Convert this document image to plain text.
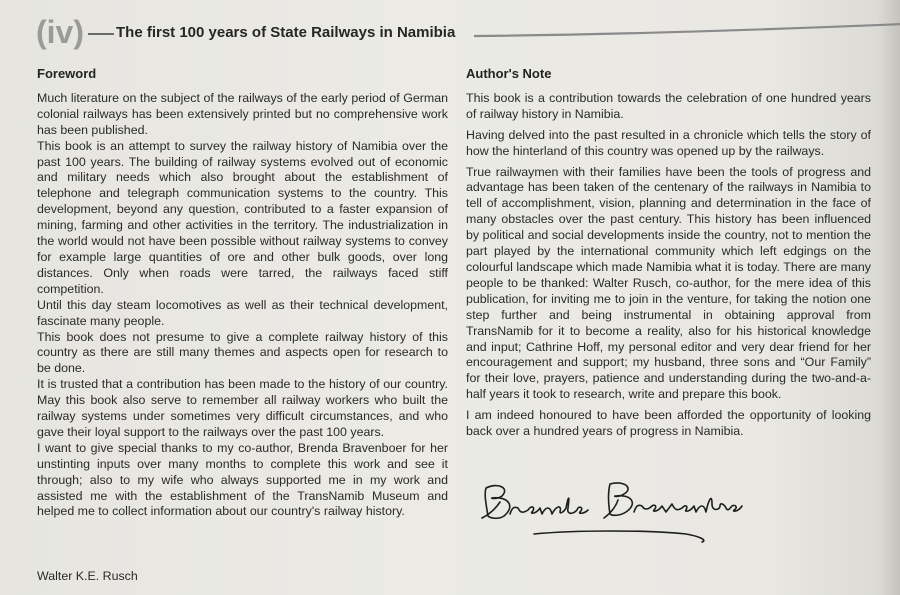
(iv) The first 100 years of State Railways in Namibia
Foreword

Much literature on the subject of the railways of the early period of German colonial railways has been extensively printed but no comprehensive work has been published.

This book is an attempt to survey the railway history of Namibia over the past 100 years. The building of railway systems evolved out of economic and military needs which also brought about the establishment of telephone and telegraph communication systems to the country. This development, beyond any question, contributed to a faster expansion of mining, farming and other activities in the territory. The industrialization in the world would not have been possible without railway systems to convey for example large quantities of ore and other bulk goods, over long distances. Only when roads were tarred, the railways faced stiff competition.

Until this day steam locomotives as well as their technical development, fascinate many people.

This book does not presume to give a complete railway history of this country as there are still many themes and aspects open for research to be done.

It is trusted that a contribution has been made to the history of our country. May this book also serve to remember all railway workers who built the railway systems under sometimes very difficult circumstances, and who gave their loyal support to the railways over the past 100 years.

I want to give special thanks to my co-author, Brenda Bravenboer for her unstinting inputs over many months to complete this work and see it through; also to my wife who always supported me in my work and assisted me with the establishment of the TransNamib Museum and helped me to collect information about our country's railway history.

Walter K.E. Rusch
Author's Note

This book is a contribution towards the celebration of one hundred years of railway history in Namibia.

Having delved into the past resulted in a chronicle which tells the story of how the hinterland of this country was opened up by the railways.

True railwaymen with their families have been the tools of progress and advantage has been taken of the centenary of the railways in Namibia to tell of accomplishment, vision, planning and determination in the face of many obstacles over the past century. This history has been influenced by political and social developments inside the country, not to mention the part played by the international community which left edgings on the colourful landscape which made Namibia what it is today. There are many people to be thanked: Walter Rusch, co-author, for the mere idea of this publication, for inviting me to join in the venture, for taking the notion one step further and being instrumental in obtaining approval from TransNamib for it to become a reality, also for his historical knowledge and input; Cathrine Hoff, my personal editor and very dear friend for her encouragement and support; my husband, three sons and “Our Family” for their love, prayers, patience and understanding during the two-and-a-half years it took to research, write and prepare this book.

I am indeed honoured to have been afforded the opportunity of looking back over a hundred years of progress in Namibia.
